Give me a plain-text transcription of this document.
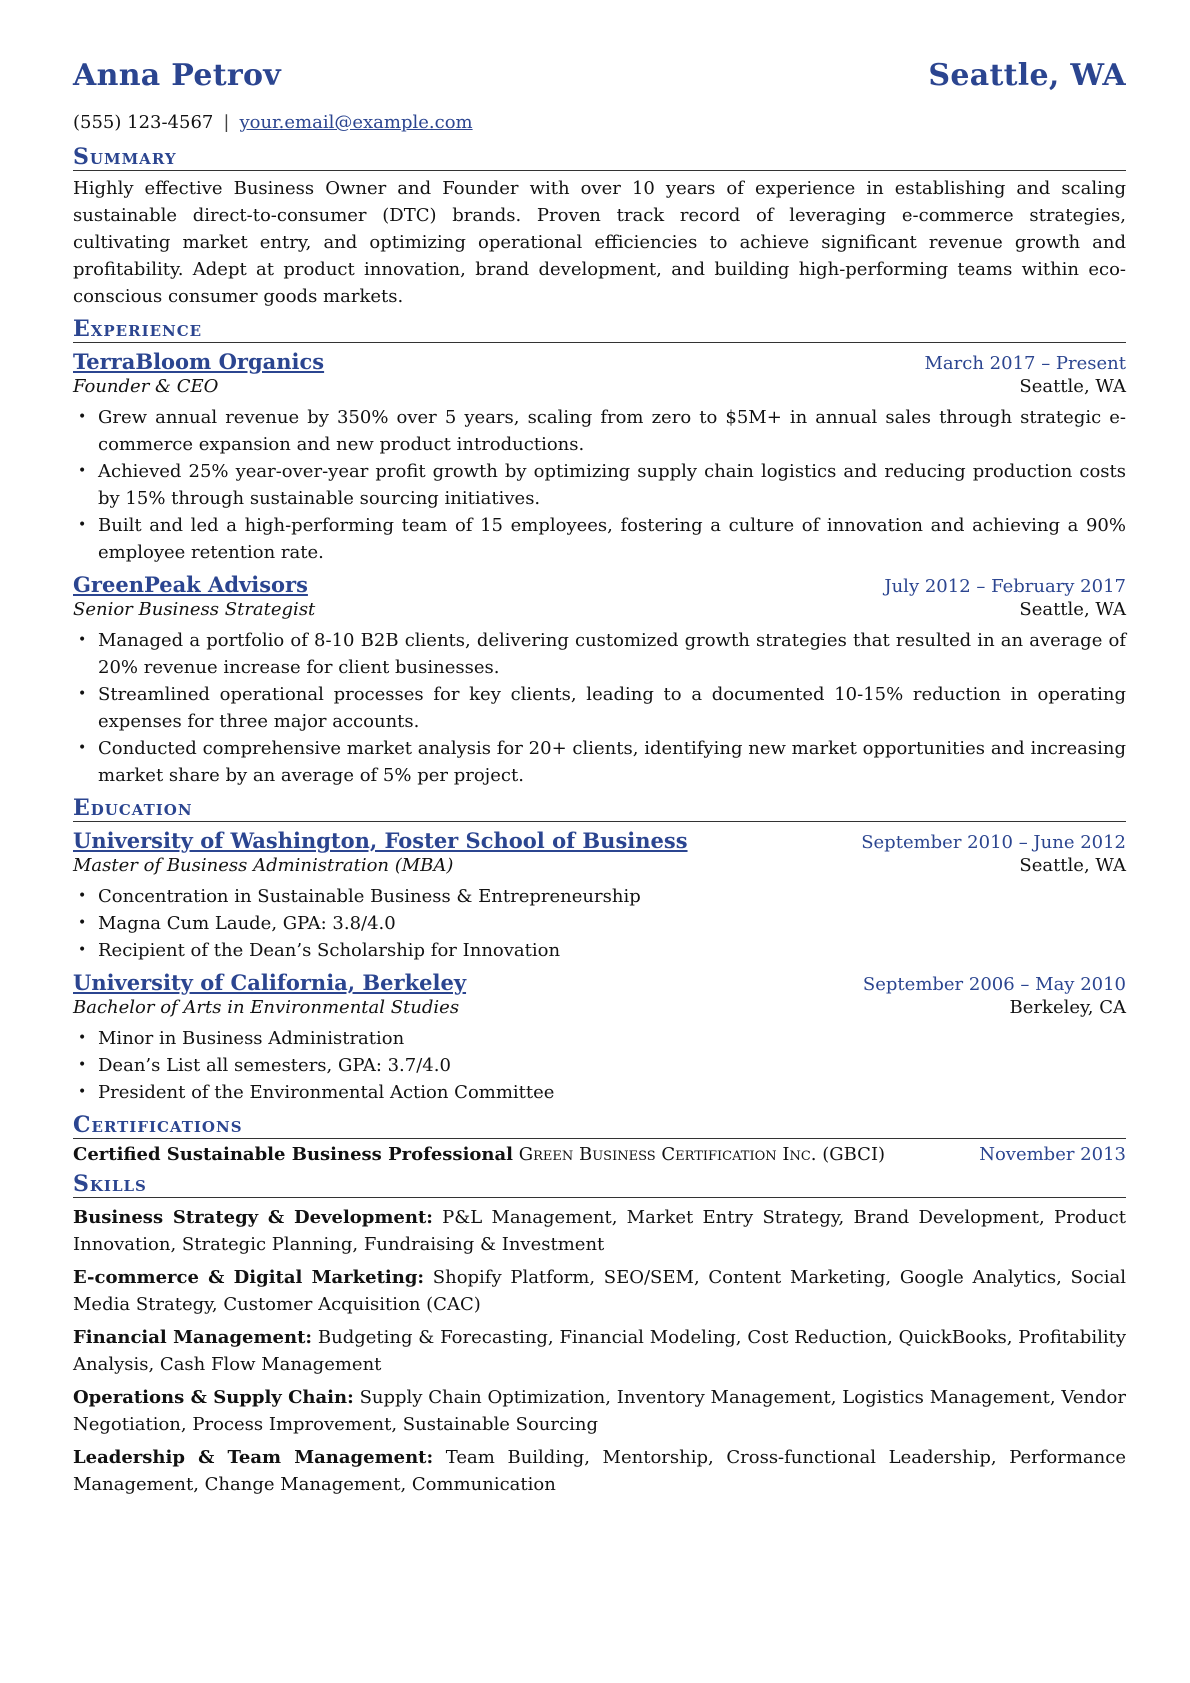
Anna Petrov	Seattle, WA
(555) 123-4567 | your.email@example.com
Summary
Highly effective Business Owner and Founder with over 10 years of experience in establishing and scaling sustainable direct-to-consumer (DTC) brands. Proven track record of leveraging e-commerce strategies, cultivating market entry, and optimizing operational efficiencies to achieve significant revenue growth and profitability. Adept at product innovation, brand development, and building high-performing teams within eco-conscious consumer goods markets.
Experience
TerraBloom Organics	March 2017 – Present
Founder & CEO	Seattle, WA
• Grew annual revenue by 350% over 5 years, scaling from zero to $5M+ in annual sales through strategic e-commerce expansion and new product introductions.
• Achieved 25% year-over-year profit growth by optimizing supply chain logistics and reducing production costs by 15% through sustainable sourcing initiatives.
• Built and led a high-performing team of 15 employees, fostering a culture of innovation and achieving a 90% employee retention rate.
GreenPeak Advisors	July 2012 – February 2017
Senior Business Strategist	Seattle, WA
• Managed a portfolio of 8-10 B2B clients, delivering customized growth strategies that resulted in an average of 20% revenue increase for client businesses.
• Streamlined operational processes for key clients, leading to a documented 10-15% reduction in operating expenses for three major accounts.
• Conducted comprehensive market analysis for 20+ clients, identifying new market opportunities and increasing market share by an average of 5% per project.
Education
University of Washington, Foster School of Business	September 2010 – June 2012
Master of Business Administration (MBA)	Seattle, WA
• Concentration in Sustainable Business & Entrepreneurship
• Magna Cum Laude, GPA: 3.8/4.0
• Recipient of the Dean’s Scholarship for Innovation
University of California, Berkeley	September 2006 – May 2010
Bachelor of Arts in Environmental Studies	Berkeley, CA
• Minor in Business Administration
• Dean’s List all semesters, GPA: 3.7/4.0
• President of the Environmental Action Committee
Certifications
Certified Sustainable Business Professional Green Business Certification Inc. (GBCI)	November 2013
Skills
Business Strategy & Development: P&L Management, Market Entry Strategy, Brand Development, Product Innovation, Strategic Planning, Fundraising & Investment
E-commerce & Digital Marketing: Shopify Platform, SEO/SEM, Content Marketing, Google Analytics, Social Media Strategy, Customer Acquisition (CAC)
Financial Management: Budgeting & Forecasting, Financial Modeling, Cost Reduction, QuickBooks, Profitability Analysis, Cash Flow Management
Operations & Supply Chain: Supply Chain Optimization, Inventory Management, Logistics Management, Vendor Negotiation, Process Improvement, Sustainable Sourcing
Leadership & Team Management: Team Building, Mentorship, Cross-functional Leadership, Performance Management, Change Management, Communication
